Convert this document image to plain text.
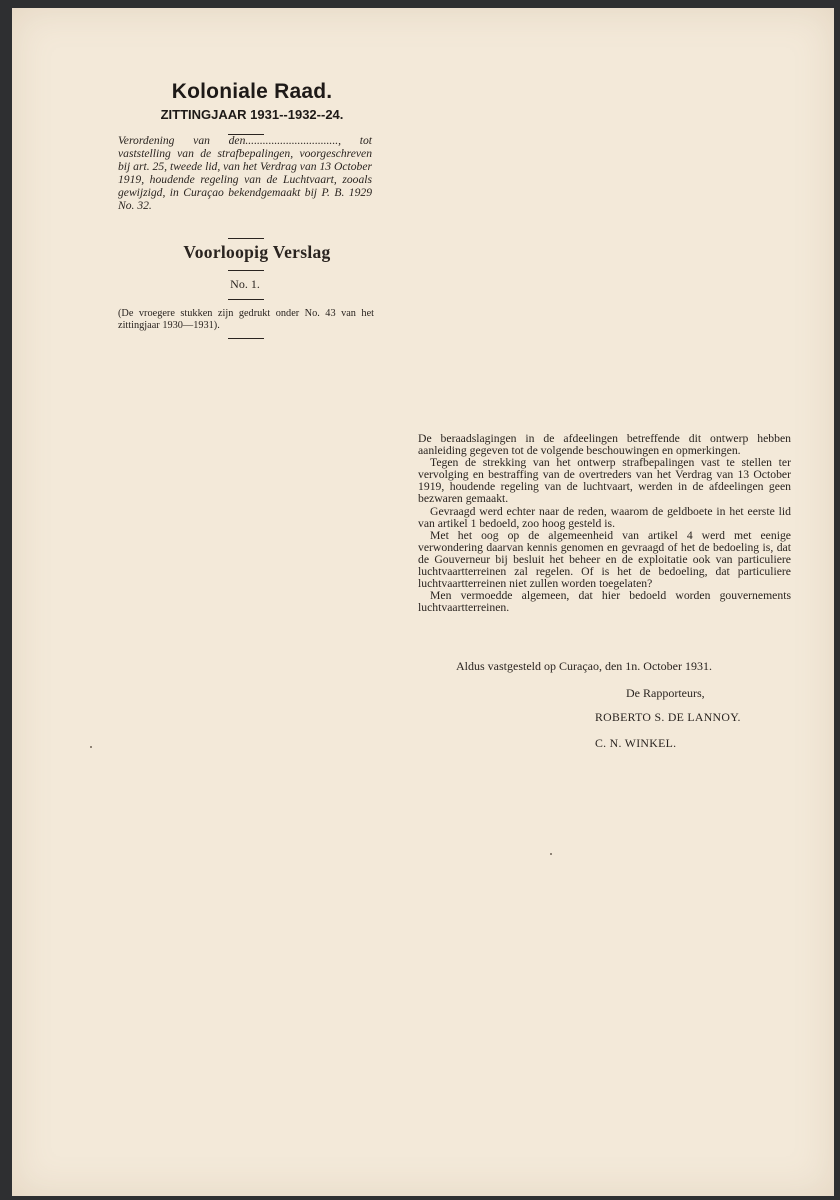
Koloniale Raad.
ZITTINGJAAR 1931--1932--24.
Verordening van den................................, tot vaststelling van de strafbepalingen, voorgeschreven bij art. 25, tweede lid, van het Verdrag van 13 October 1919, houdende regeling van de Luchtvaart, zooals gewijzigd, in Curaçao bekendgemaakt bij P. B. 1929 No. 32.
Voorloopig Verslag
No. 1.
(De vroegere stukken zijn gedrukt onder No. 43 van het zittingjaar 1930—1931).

De beraadslagingen in de afdeelingen betreffende dit ontwerp hebben aanleiding gegeven tot de volgende beschouwingen en opmerkingen.

Tegen de strekking van het ontwerp strafbepalingen vast te stellen ter vervolging en bestraffing van de overtreders van het Verdrag van 13 October 1919, houdende regeling van de luchtvaart, werden in de afdeelingen geen bezwaren gemaakt.

Gevraagd werd echter naar de reden, waarom de geldboete in het eerste lid van artikel 1 bedoeld, zoo hoog gesteld is.

Met het oog op de algemeenheid van artikel 4 werd met eenige verwondering daarvan kennis genomen en gevraagd of het de bedoeling is, dat de Gouverneur bij besluit het beheer en de exploitatie ook van particuliere luchtvaartterreinen zal regelen. Of is het de bedoeling, dat particuliere luchtvaartterreinen niet zullen worden toegelaten?

Men vermoedde algemeen, dat hier bedoeld worden gouvernements luchtvaartterreinen.

Aldus vastgesteld op Curaçao, den 1n. October 1931.
De Rapporteurs,
ROBERTO S. DE LANNOY.
C. N. WINKEL.
